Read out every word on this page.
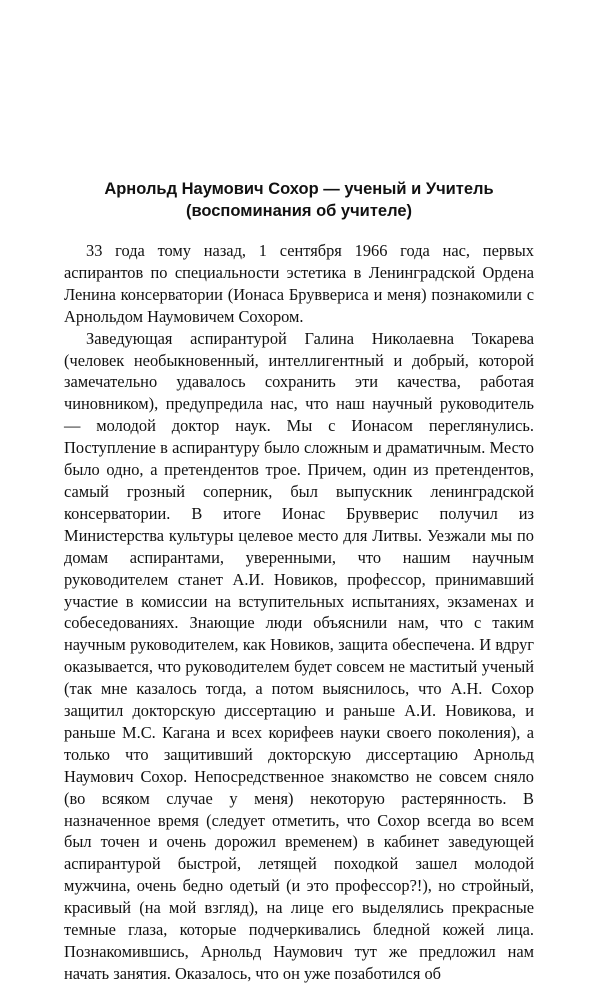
Арнольд Наумович Сохор — ученый и Учитель
(воспоминания об учителе)

33 года тому назад, 1 сентября 1966 года нас, первых аспирантов по специальности эстетика в Ленинградской Ордена Ленина консерватории (Ионаса Бруввериса и меня) познакомили с Арнольдом Наумовичем Сохором.

Заведующая аспирантурой Галина Николаевна Токарева (человек необыкновенный, интеллигентный и добрый, которой замечательно удавалось сохранить эти качества, работая чиновником), предупредила нас, что наш научный руководитель — молодой доктор наук. Мы с Ионасом переглянулись. Поступление в аспирантуру было сложным и драматичным. Место было одно, а претендентов трое. Причем, один из претендентов, самый грозный соперник, был выпускник ленинградской консерватории. В итоге Ионас Брувверис получил из Министерства культуры целевое место для Литвы. Уезжали мы по домам аспирантами, уверенными, что нашим научным руководителем станет А.И. Новиков, профессор, принимавший участие в комиссии на вступительных испытаниях, экзаменах и собеседованиях. Знающие люди объяснили нам, что с таким научным руководителем, как Новиков, защита обеспечена. И вдруг оказывается, что руководителем будет совсем не маститый ученый (так мне казалось тогда, а потом выяснилось, что А.Н. Сохор защитил докторскую диссертацию и раньше А.И. Новикова, и раньше М.С. Кагана и всех корифеев науки своего поколения), а только что защитивший докторскую диссертацию Арнольд Наумович Сохор. Непосредственное знакомство не совсем сняло (во всяком случае у меня) некоторую растерянность. В назначенное время (следует отметить, что Сохор всегда во всем был точен и очень дорожил временем) в кабинет заведующей аспирантурой быстрой, летящей походкой зашел молодой мужчина, очень бедно одетый (и это профессор?!), но стройный, красивый (на мой взгляд), на лице его выделялись прекрасные темные глаза, которые подчеркивались бледной кожей лица. Познакомившись, Арнольд Наумович тут же предложил нам начать занятия. Оказалось, что он уже позаботился об
